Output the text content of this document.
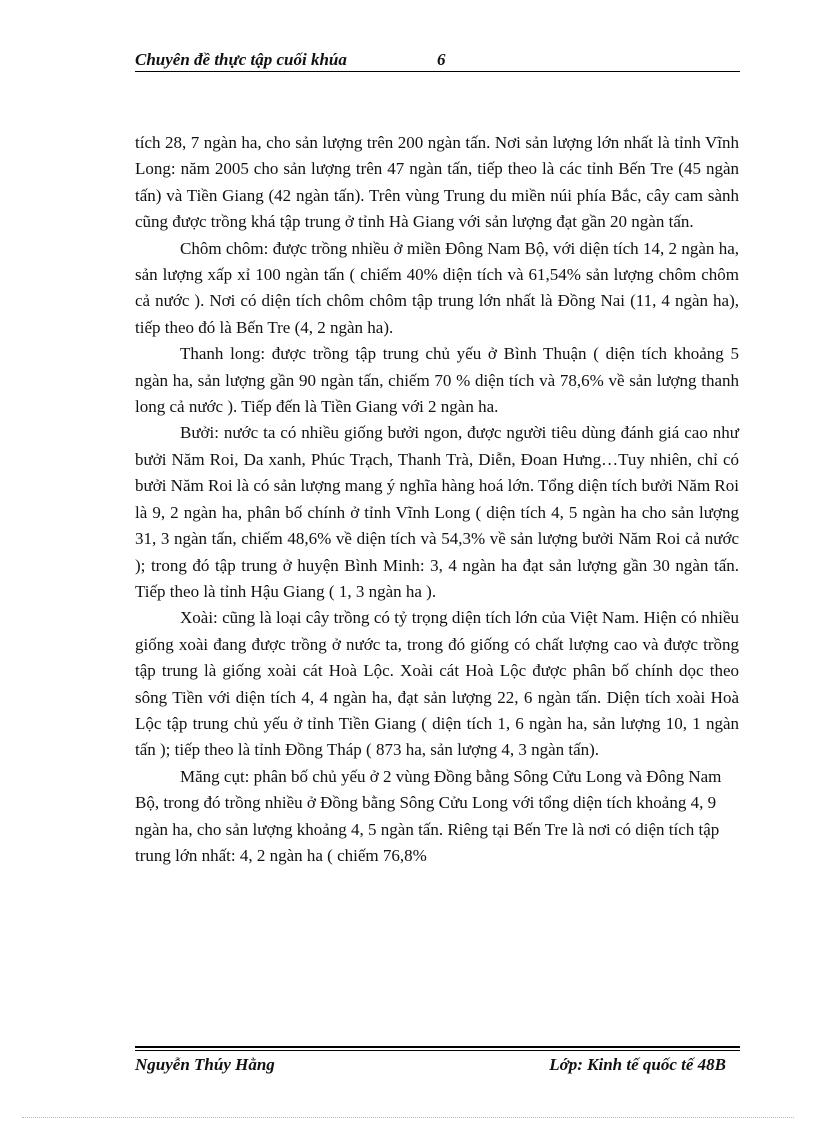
Chuyên đề thực tập cuối khúa	6

tích 28, 7 ngàn ha, cho sản lượng trên 200 ngàn tấn. Nơi sản lượng lớn nhất là tỉnh Vĩnh Long: năm 2005 cho sản lượng trên 47 ngàn tấn, tiếp theo là các tỉnh Bến Tre (45 ngàn tấn) và Tiền Giang (42 ngàn tấn). Trên vùng Trung du miền núi phía Bắc, cây cam sành cũng được trồng khá tập trung ở tỉnh Hà Giang với sản lượng đạt gần 20 ngàn tấn.

Chôm chôm: được trồng nhiều ở miền Đông Nam Bộ, với diện tích 14, 2 ngàn ha, sản lượng xấp xỉ 100 ngàn tấn ( chiếm 40% diện tích và 61,54% sản lượng chôm chôm cả nước ). Nơi có diện tích chôm chôm tập trung lớn nhất là Đồng Nai (11, 4 ngàn ha), tiếp theo đó là Bến Tre (4, 2 ngàn ha).

Thanh long: được trồng tập trung chủ yếu ở Bình Thuận ( diện tích khoảng 5 ngàn ha, sản lượng gần 90 ngàn tấn, chiếm 70 % diện tích và 78,6% về sản lượng thanh long cả nước ). Tiếp đến là Tiền Giang với 2 ngàn ha.

Bưởi: nước ta có nhiều giống bưởi ngon, được người tiêu dùng đánh giá cao như bưởi Năm Roi, Da xanh, Phúc Trạch, Thanh Trà, Diễn, Đoan Hưng…Tuy nhiên, chỉ có bưởi Năm Roi là có sản lượng mang ý nghĩa hàng hoá lớn. Tổng diện tích bưởi Năm Roi là 9, 2 ngàn ha, phân bố chính ở tỉnh Vĩnh Long ( diện tích 4, 5 ngàn ha cho sản lượng 31, 3 ngàn tấn, chiếm 48,6% về diện tích và 54,3% về sản lượng bưởi Năm Roi cả nước ); trong đó tập trung ở huyện Bình Minh: 3, 4 ngàn ha đạt sản lượng gần 30 ngàn tấn. Tiếp theo là tỉnh Hậu Giang ( 1, 3 ngàn ha ).

Xoài: cũng là loại cây trồng có tỷ trọng diện tích lớn của Việt Nam. Hiện có nhiều giống xoài đang được trồng ở nước ta, trong đó giống có chất lượng cao và được trồng tập trung là giống xoài cát Hoà Lộc. Xoài cát Hoà Lộc được phân bố chính dọc theo sông Tiền với diện tích 4, 4 ngàn ha, đạt sản lượng 22, 6 ngàn tấn. Diện tích xoài Hoà Lộc tập trung chủ yếu ở tỉnh Tiền Giang ( diện tích 1, 6 ngàn ha, sản lượng 10, 1 ngàn tấn ); tiếp theo là tỉnh Đồng Tháp ( 873 ha, sản lượng 4, 3 ngàn tấn).

Măng cụt: phân bố chủ yếu ở 2 vùng Đồng bằng Sông Cửu Long và Đông Nam Bộ, trong đó trồng nhiều ở Đồng bằng Sông Cửu Long với tổng diện tích khoảng 4, 9 ngàn ha, cho sản lượng khoảng 4, 5 ngàn tấn. Riêng tại Bến Tre là nơi có diện tích tập trung lớn nhất: 4, 2 ngàn ha ( chiếm 76,8%

Nguyễn Thúy Hằng	Lớp: Kinh tế quốc tế 48B
